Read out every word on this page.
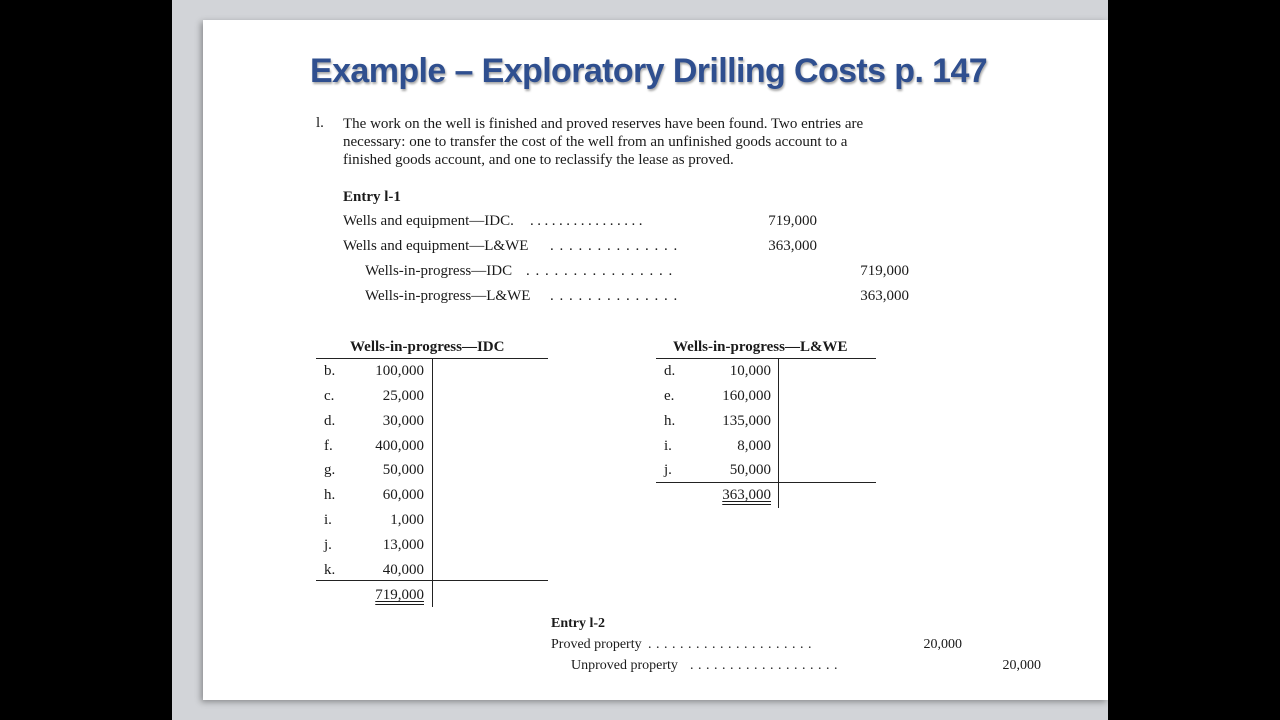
Example – Exploratory Drilling Costs p. 147
l. The work on the well is finished and proved reserves have been found. Two entries are
necessary: one to transfer the cost of the well from an unfinished goods account to a
finished goods account, and one to reclassify the lease as proved.
Entry l-1
Wells and equipment—IDC. ................	719,000
Wells and equipment—L&WE . . . . . . . . . . . . . .	363,000
Wells-in-progress—IDC . . . . . . . . . . . . . . . .	719,000
Wells-in-progress—L&WE . . . . . . . . . . . . . .	363,000
Wells-in-progress—IDC
b.	100,000
c.	25,000
d.	30,000
f.	400,000
g.	50,000
h.	60,000
i.	1,000
j.	13,000
k.	40,000
719,000
Wells-in-progress—L&WE
d.	10,000
e.	160,000
h.	135,000
i.	8,000
j.	50,000
363,000
Entry l-2
Proved property . . . . . . . . . . . . . . . . . . . . .	20,000
Unproved property . . . . . . . . . . . . . . . . . . .	20,000
